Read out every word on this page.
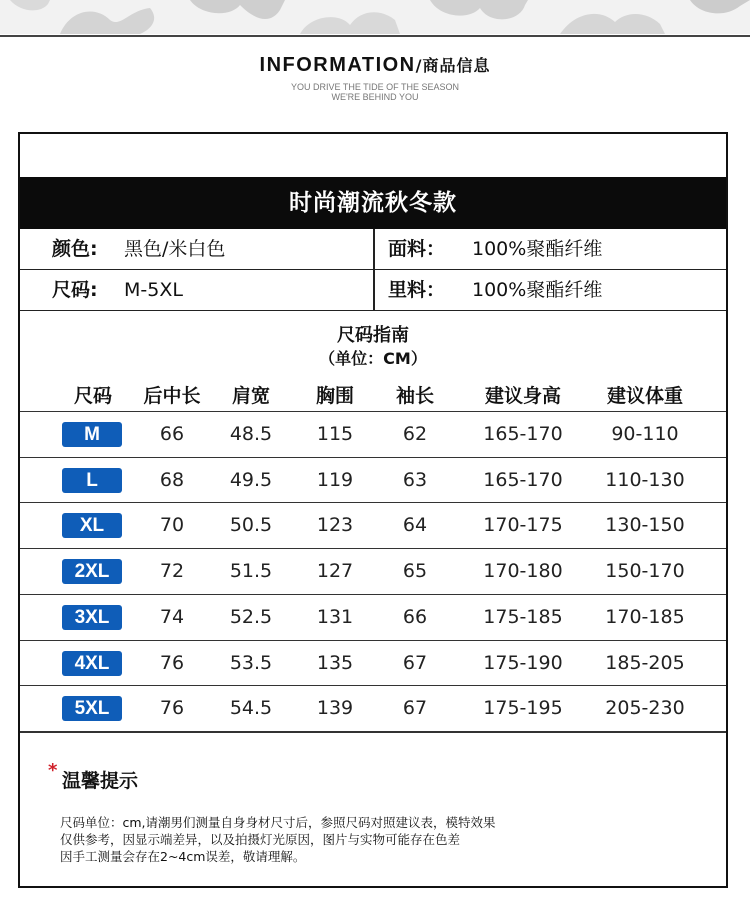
INFORMATION/商品信息
YOU DRIVE THE TIDE OF THE SEASON
WE'RE BEHIND YOU
时尚潮流秋冬款
颜色: 黑色/米白色	面料： 100%聚酯纤维
尺码: M-5XL	里料： 100%聚酯纤维
尺码指南
（单位：CM）
尺码	后中长	肩宽	胸围	袖长	建议身高	建议体重
M	66	48.5	115	62	165-170	90-110
L	68	49.5	119	63	165-170	110-130
XL	70	50.5	123	64	170-175	130-150
2XL	72	51.5	127	65	170-180	150-170
3XL	74	52.5	131	66	175-185	170-185
4XL	76	53.5	135	67	175-190	185-205
5XL	76	54.5	139	67	175-195	205-230
* 温馨提示
尺码单位：cm,请潮男们测量自身身材尺寸后，参照尺码对照建议表，模特效果
仅供参考，因显示端差异，以及拍摄灯光原因，图片与实物可能存在色差
因手工测量会存在2~4cm误差，敬请理解。
